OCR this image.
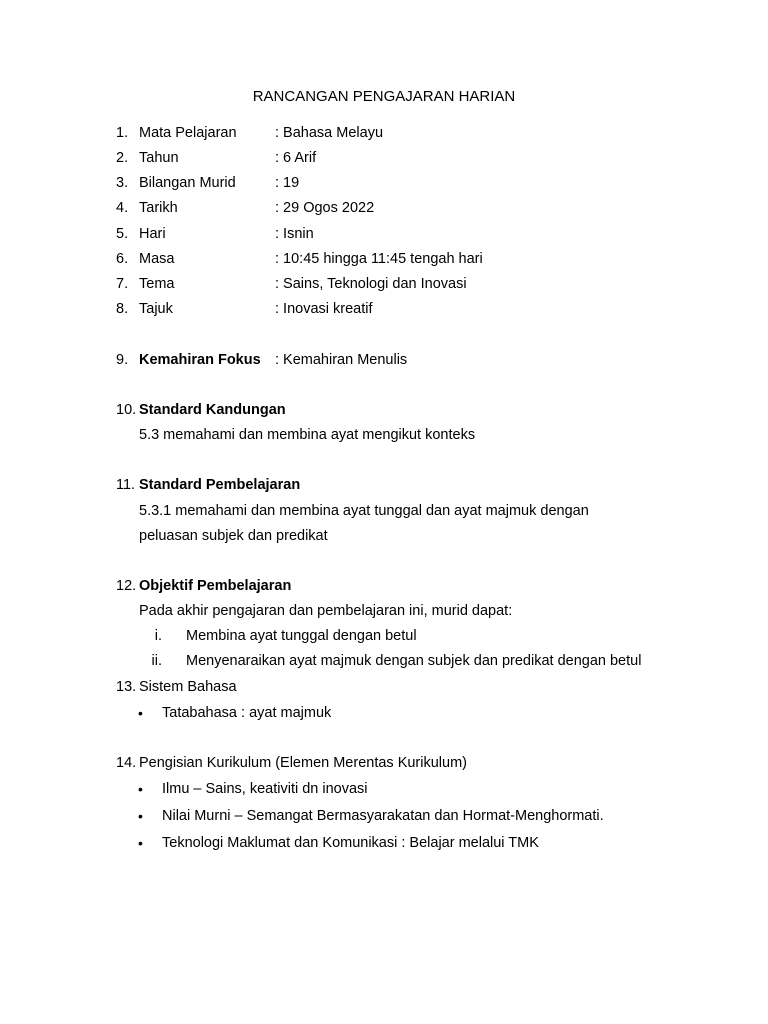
RANCANGAN PENGAJARAN HARIAN
1. Mata Pelajaran	: Bahasa Melayu
2. Tahun	: 6 Arif
3. Bilangan Murid	: 19
4. Tarikh	: 29 Ogos 2022
5. Hari	: Isnin
6. Masa	: 10:45 hingga 11:45 tengah hari
7. Tema	: Sains, Teknologi dan Inovasi
8. Tajuk	: Inovasi kreatif
9. Kemahiran Fokus : Kemahiran Menulis
10. Standard Kandungan
5.3 memahami dan membina ayat mengikut konteks
11. Standard Pembelajaran
5.3.1 memahami dan membina ayat tunggal dan ayat majmuk dengan
peluasan subjek dan predikat
12. Objektif Pembelajaran
Pada akhir pengajaran dan pembelajaran ini, murid dapat:
i. Membina ayat tunggal dengan betul
ii. Menyenaraikan ayat majmuk dengan subjek dan predikat dengan betul
13. Sistem Bahasa
• Tatabahasa : ayat majmuk
14. Pengisian Kurikulum (Elemen Merentas Kurikulum)
• Ilmu – Sains, keativiti dn inovasi
• Nilai Murni – Semangat Bermasyarakatan dan Hormat-Menghormati.
• Teknologi Maklumat dan Komunikasi : Belajar melalui TMK
